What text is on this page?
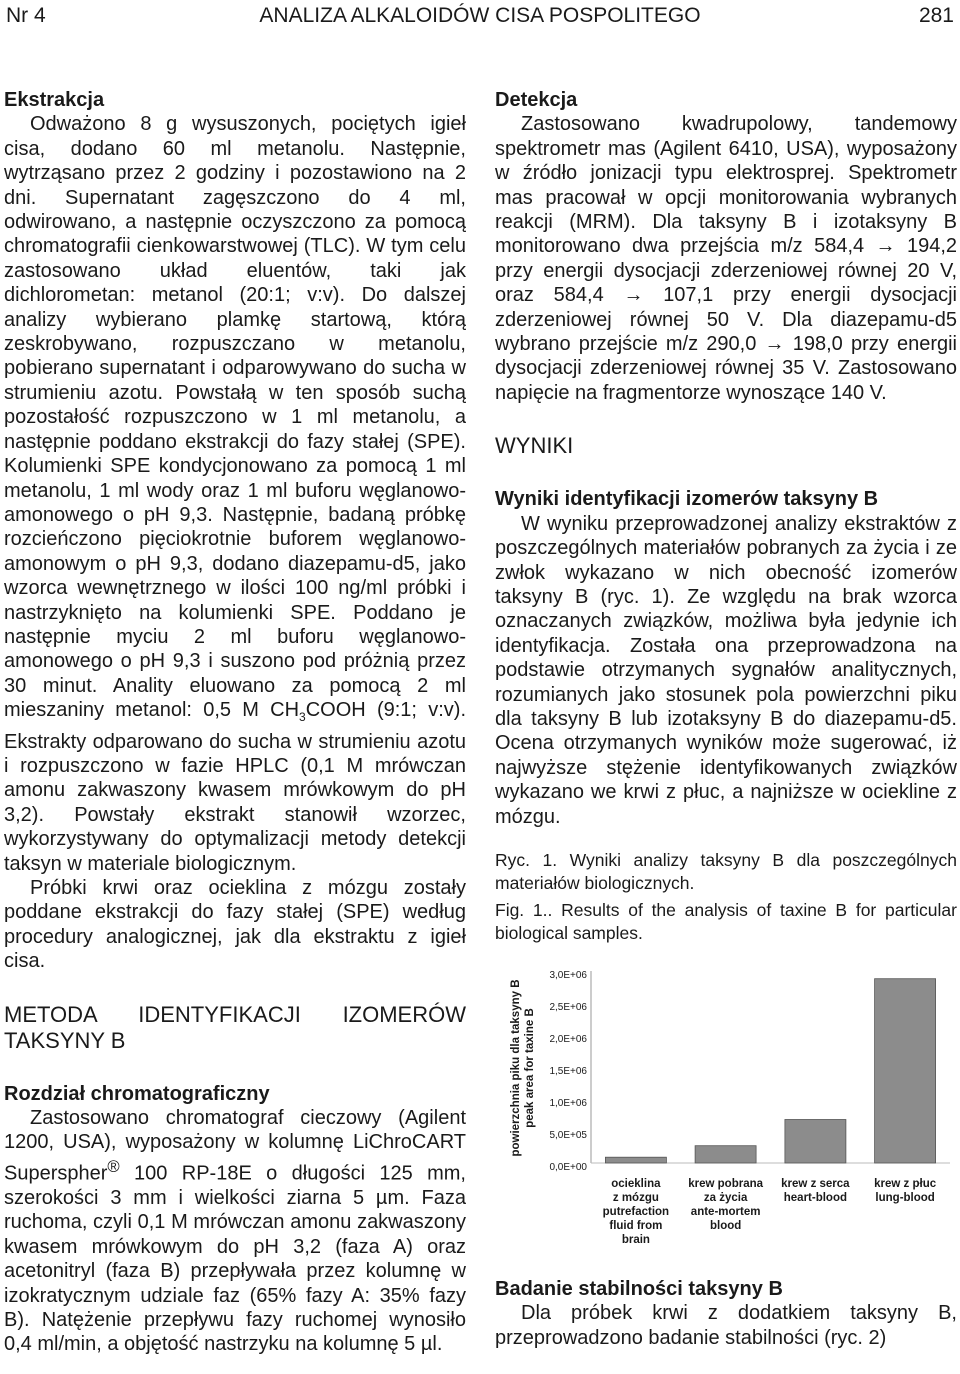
Nr 4	ANALIZA ALKALOIDÓW CISA POSPOLITEGO	281

Ekstrakcja

Odważono 8 g wysuszonych, pociętych igieł cisa, dodano 60 ml metanolu. Następnie, wytrząsano przez 2 godziny i pozostawiono na 2 dni. Supernatant zagęszczono do 4 ml, odwirowano, a następnie oczyszczono za pomocą chromatografii cienkowarstwowej (TLC). W tym celu zastosowano układ eluentów, taki jak dichlorometan: metanol (20:1; v:v). Do dalszej analizy wybierano plamkę startową, którą zeskrobywano, rozpuszczano w metanolu, pobierano supernatant i odparowywano do sucha w strumieniu azotu. Powstałą w ten sposób suchą pozostałość rozpuszczono w 1 ml metanolu, a następnie poddano ekstrakcji do fazy stałej (SPE). Kolumienki SPE kondycjonowano za pomocą 1 ml metanolu, 1 ml wody oraz 1 ml buforu węglanowo-amonowego o pH 9,3. Następnie, badaną próbkę rozcieńczono pięciokrotnie buforem węglanowo-amonowym o pH 9,3, dodano diazepamu-d5, jako wzorca wewnętrznego w ilości 100 ng/ml próbki i nastrzyknięto na kolumienki SPE. Poddano je następnie myciu 2 ml buforu węglanowo-amonowego o pH 9,3 i suszono pod próżnią przez 30 minut. Anality eluowano za pomocą 2 ml mieszaniny metanol: 0,5 M $CH_3COOH$ (9:1; v:v). Ekstrakty odparowano do sucha w strumieniu azotu i rozpuszczono w fazie HPLC (0,1 M mrówczan amonu zakwaszony kwasem mrówkowym do pH 3,2). Powstały ekstrakt stanowił wzorzec, wykorzystywany do optymalizacji metody detekcji taksyn w materiale biologicznym.

Próbki krwi oraz ocieklina z mózgu zostały poddane ekstrakcji do fazy stałej (SPE) według procedury analogicznej, jak dla ekstraktu z igieł cisa.

METODA IDENTYFIKACJI IZOMERÓW TAKSYNY B

Rozdział chromatograficzny

Zastosowano chromatograf cieczowy (Agilent 1200, USA), wyposażony w kolumnę LiChroCART Superspher® 100 RP-18E o długości 125 mm, szerokości 3 mm i wielkości ziarna 5 µm. Faza ruchoma, czyli 0,1 M mrówczan amonu zakwaszony kwasem mrówkowym do pH 3,2 (faza A) oraz acetonitryl (faza B) przepływała przez kolumnę w izokratycznym udziale faz (65% fazy A: 35% fazy B). Natężenie przepływu fazy ruchomej wynosiło 0,4 ml/min, a objętość nastrzyku na kolumnę 5 µl.

Detekcja

Zastosowano kwadrupolowy, tandemowy spektrometr mas (Agilent 6410, USA), wyposażony w źródło jonizacji typu elektrosprej. Spektrometr mas pracował w opcji monitorowania wybranych reakcji (MRM). Dla taksyny B i izotaksyny B monitorowano dwa przejścia m/z 584,4 → 194,2 przy energii dysocjacji zderzeniowej równej 20 V, oraz 584,4 → 107,1 przy energii dysocjacji zderzeniowej równej 50 V. Dla diazepamu-d5 wybrano przejście m/z 290,0 → 198,0 przy energii dysocjacji zderzeniowej równej 35 V. Zastosowano napięcie na fragmentorze wynoszące 140 V.

WYNIKI

Wyniki identyfikacji izomerów taksyny B

W wyniku przeprowadzonej analizy ekstraktów z poszczególnych materiałów pobranych za życia i ze zwłok wykazano w nich obecność izomerów taksyny B (ryc. 1). Ze względu na brak wzorca oznaczanych związków, możliwa była jedynie ich identyfikacja. Została ona przeprowadzona na podstawie otrzymanych sygnałów analitycznych, rozumianych jako stosunek pola powierzchni piku dla taksyny B lub izotaksyny B do diazepamu-d5. Ocena otrzymanych wyników może sugerować, iż najwyższe stężenie identyfikowanych związków wykazano we krwi z płuc, a najniższe w ociekline z mózgu.

Ryc. 1. Wyniki analizy taksyny B dla poszczególnych materiałów biologicznych.

Fig. 1.. Results of the analysis of taxine B for particular biological samples.

powierzchnia piku dla taksyny B peak area for taxine B
0,0E+00
5,0E+05
1,0E+06
1,5E+06
2,0E+06
2,5E+06
3,0E+06
ocieklina
z mózgu
putrefaction
fluid from
brain
krew pobrana
za życia
ante-mortem
blood
krew z serca
heart-blood
krew z płuc
lung-blood

Badanie stabilności taksyny B

Dla próbek krwi z dodatkiem taksyny B, przeprowadzono badanie stabilności (ryc. 2)
